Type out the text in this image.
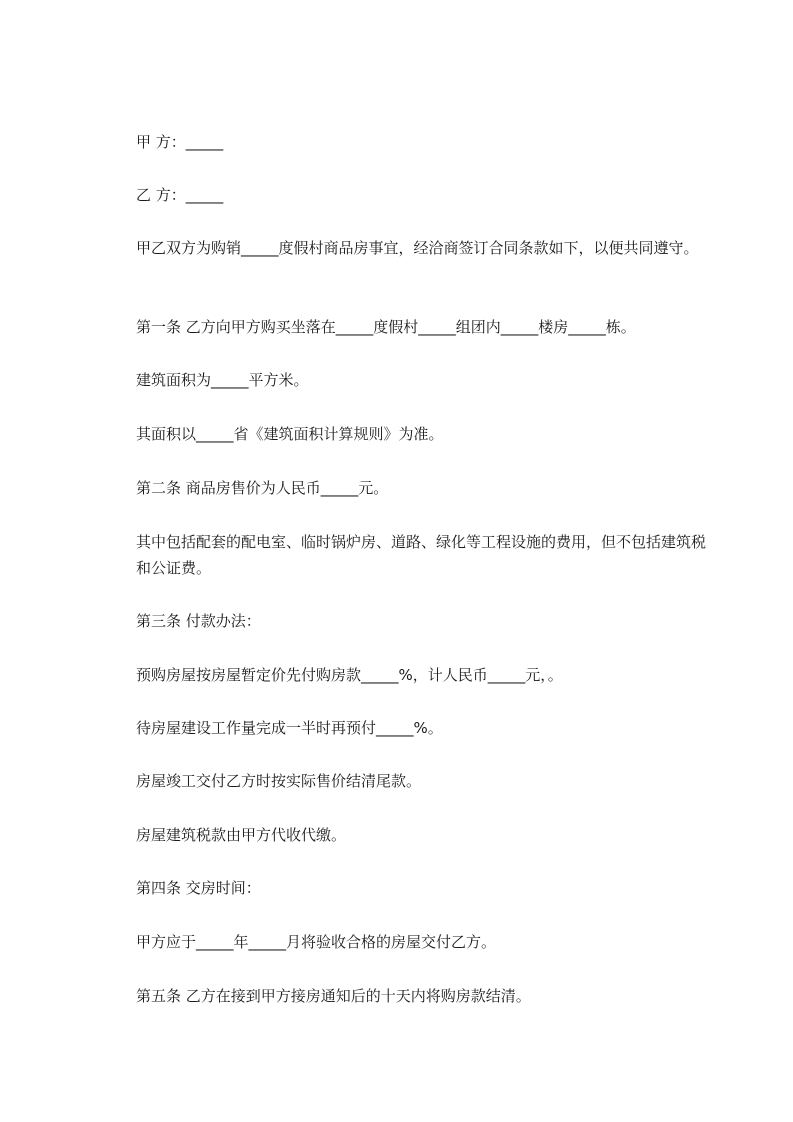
甲 方：_____

乙 方：_____

甲乙双方为购销_____度假村商品房事宜，经洽商签订合同条款如下，以便共同遵守。

第一条 乙方向甲方购买坐落在_____度假村_____组团内_____楼房_____栋。

建筑面积为_____平方米。

其面积以_____省《建筑面积计算规则》为准。

第二条 商品房售价为人民币_____元。

其中包括配套的配电室、临时锅炉房、道路、绿化等工程设施的费用，但不包括建筑税和公证费。

第三条 付款办法：

预购房屋按房屋暂定价先付购房款_____%，计人民币_____元，。

待房屋建设工作量完成一半时再预付_____%。

房屋竣工交付乙方时按实际售价结清尾款。

房屋建筑税款由甲方代收代缴。

第四条 交房时间：

甲方应于_____年_____月将验收合格的房屋交付乙方。

第五条 乙方在接到甲方接房通知后的十天内将购房款结清。
